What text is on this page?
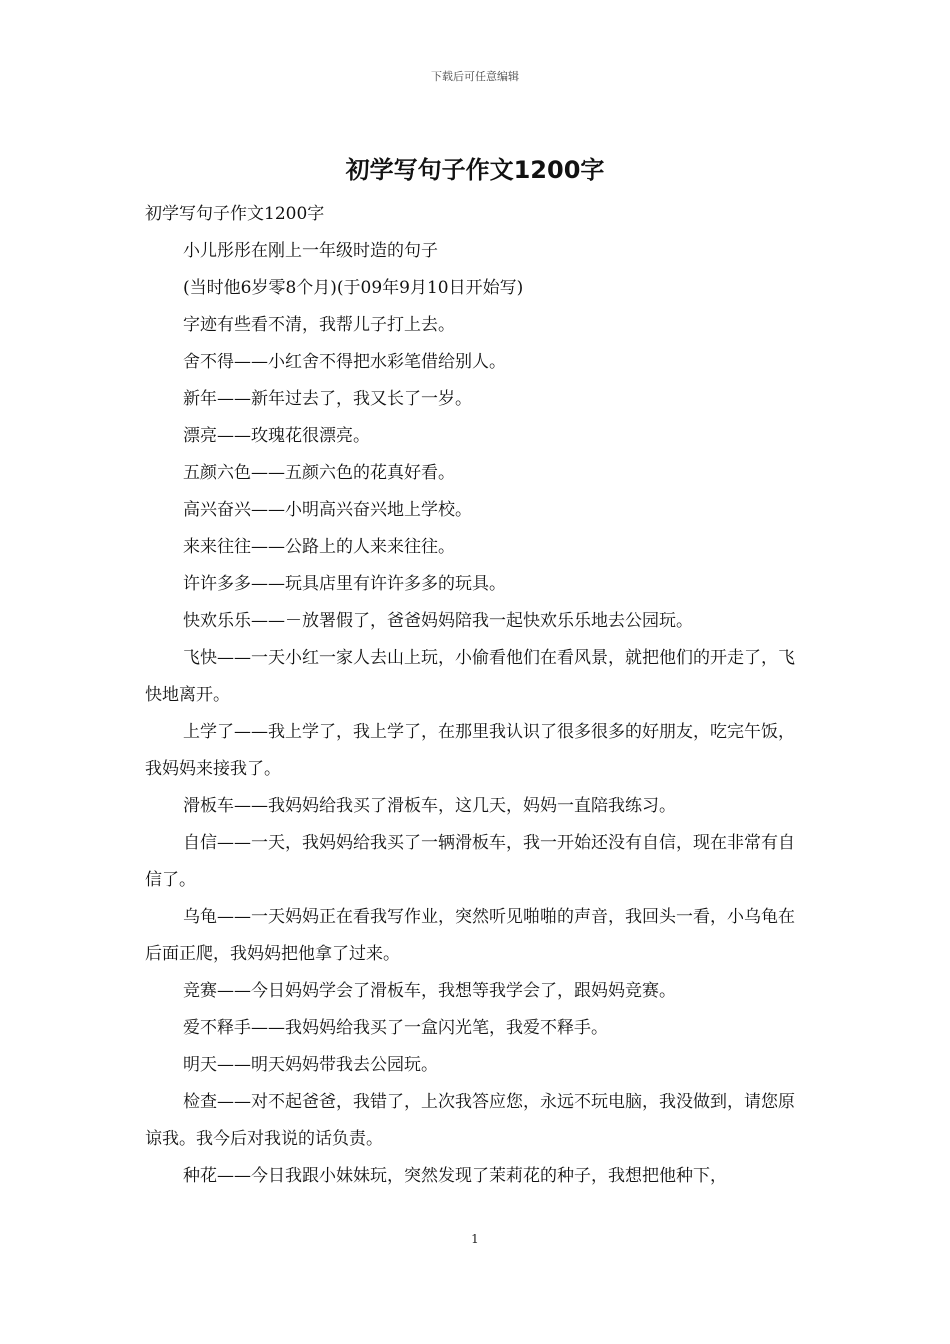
下载后可任意编辑
初学写句子作文1200字

初学写句子作文1200字

小儿彤彤在刚上一年级时造的句子

(当时他6岁零8个月)(于09年9月10日开始写)

字迹有些看不清，我帮儿子打上去。

舍不得——小红舍不得把水彩笔借给别人。

新年——新年过去了，我又长了一岁。

漂亮——玫瑰花很漂亮。

五颜六色——五颜六色的花真好看。

高兴奋兴——小明高兴奋兴地上学校。

来来往往——公路上的人来来往往。

许许多多——玩具店里有许许多多的玩具。

快欢乐乐——－放署假了，爸爸妈妈陪我一起快欢乐乐地去公园玩。

飞快——一天小红一家人去山上玩，小偷看他们在看风景，就把他们的开走了，飞快地离开。

上学了——我上学了，我上学了，在那里我认识了很多很多的好朋友，吃完午饭，我妈妈来接我了。

滑板车——我妈妈给我买了滑板车，这几天，妈妈一直陪我练习。

自信——一天，我妈妈给我买了一辆滑板车，我一开始还没有自信，现在非常有自信了。

乌龟——一天妈妈正在看我写作业，突然听见啪啪的声音，我回头一看，小乌龟在后面正爬，我妈妈把他拿了过来。

竞赛——今日妈妈学会了滑板车，我想等我学会了，跟妈妈竞赛。

爱不释手——我妈妈给我买了一盒闪光笔，我爱不释手。

明天——明天妈妈带我去公园玩。

检查——对不起爸爸，我错了，上次我答应您，永远不玩电脑，我没做到，请您原谅我。我今后对我说的话负责。

种花——今日我跟小妹妹玩，突然发现了茉莉花的种子，我想把他种下，

1
